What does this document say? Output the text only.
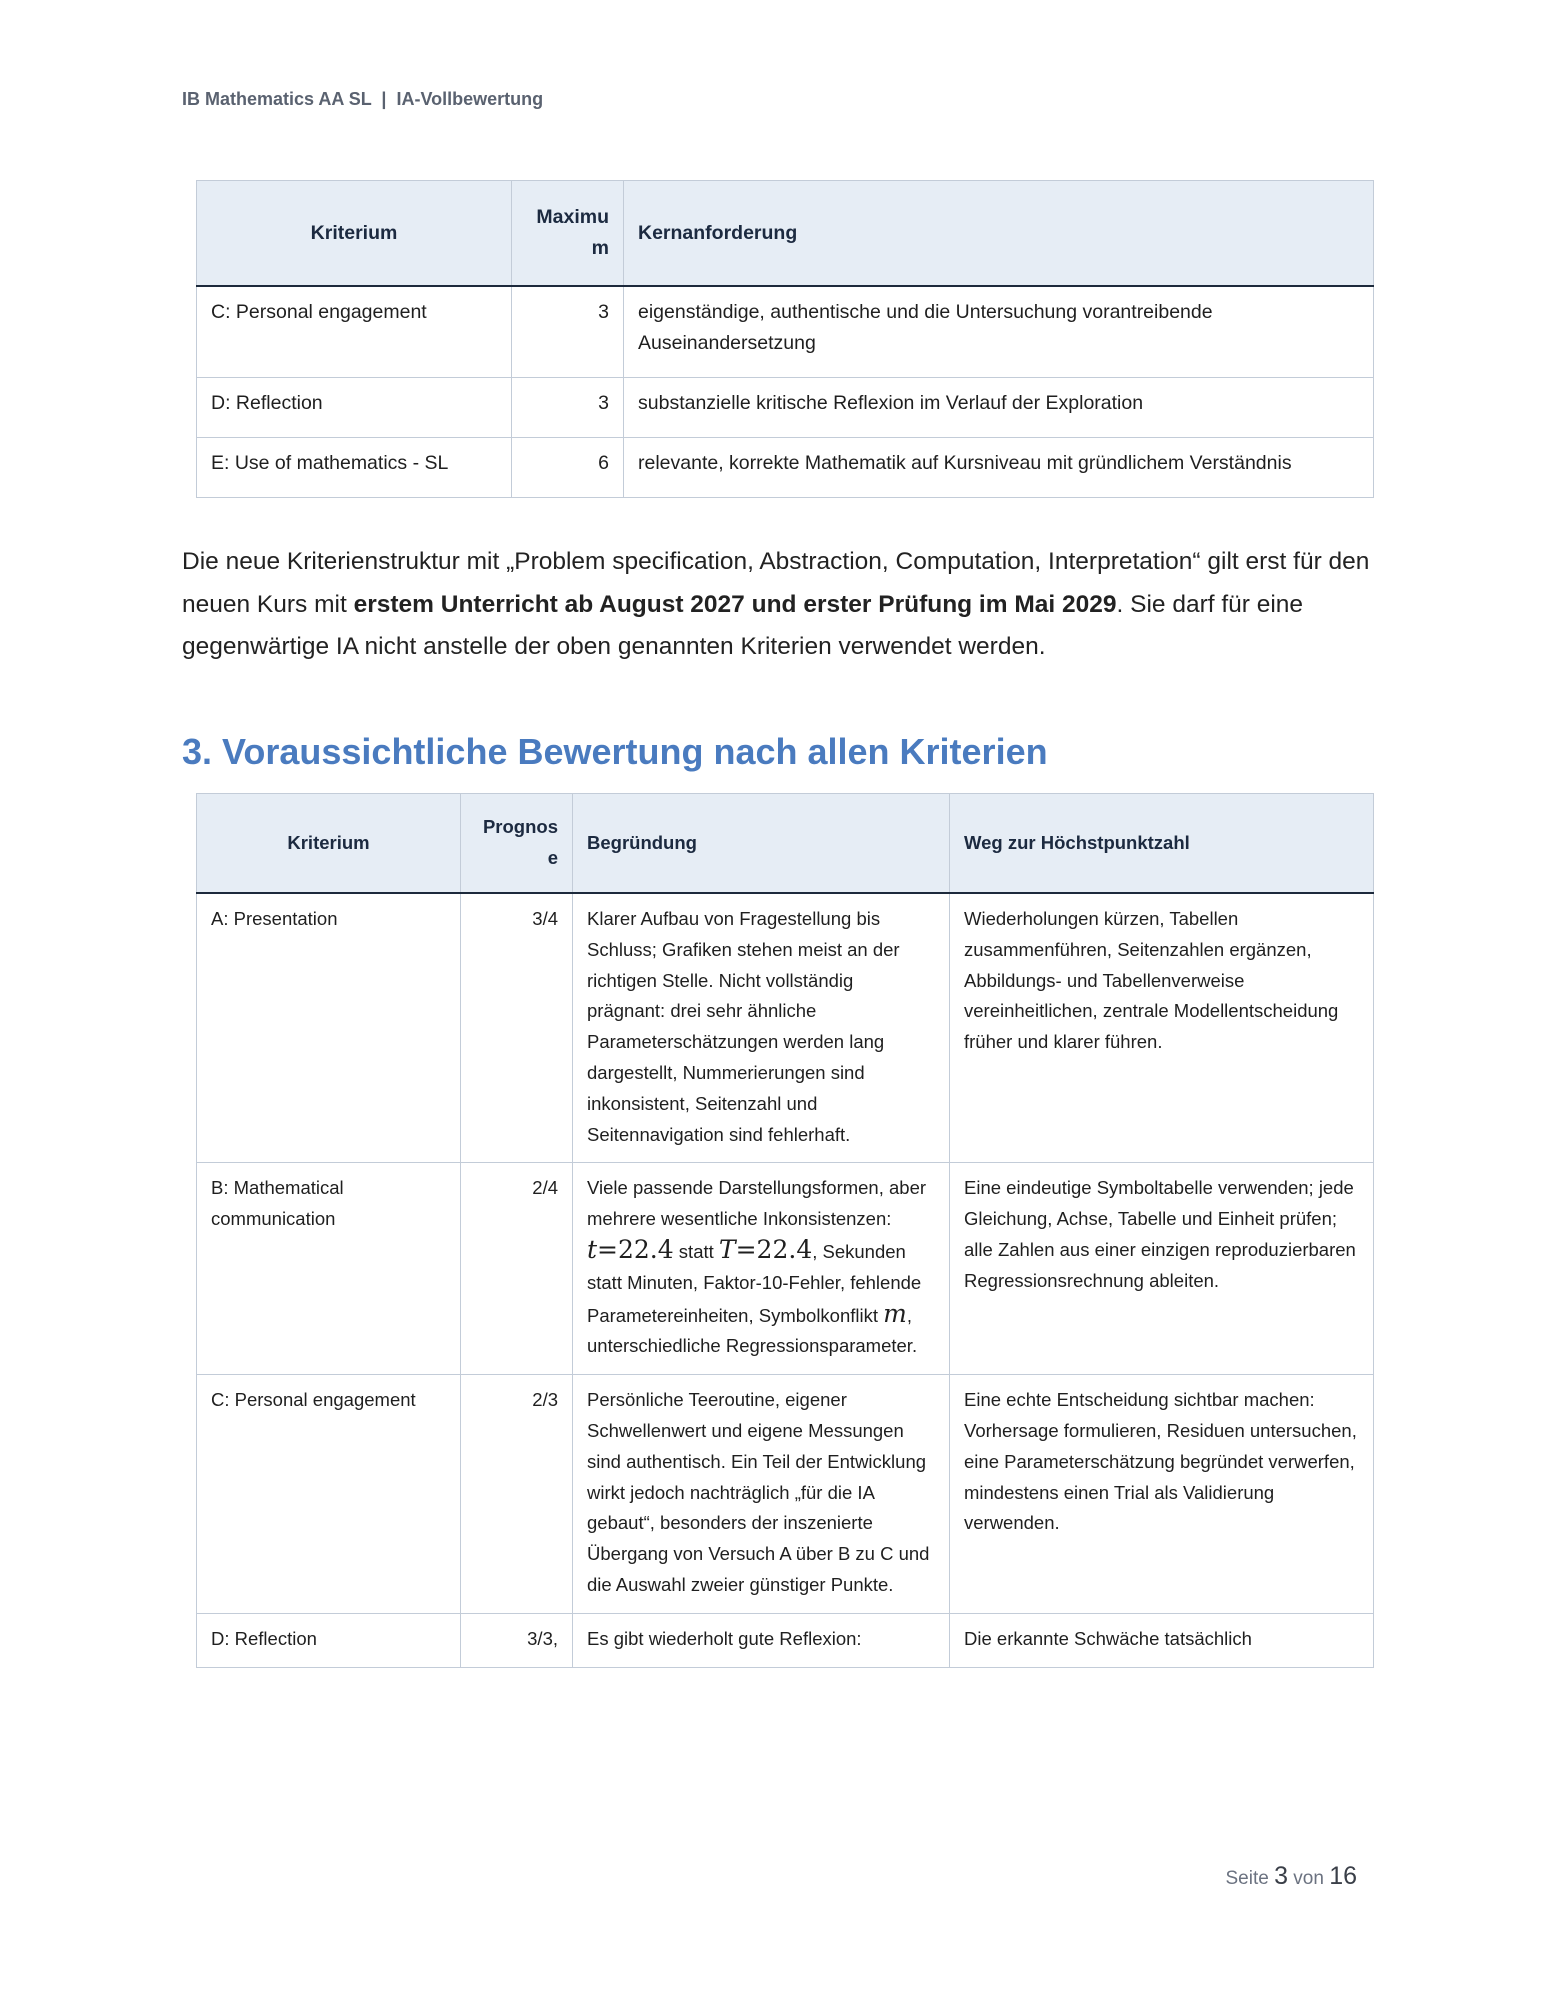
IB Mathematics AA SL | IA-Vollbewertung
Kriterium	Maximu m	Kernanforderung
C: Personal engagement	3	eigenständige, authentische und die Untersuchung vorantreibende Auseinandersetzung
D: Reflection	3	substanzielle kritische Reflexion im Verlauf der Exploration
E: Use of mathematics - SL	6	relevante, korrekte Mathematik auf Kursniveau mit gründlichem Verständnis

Die neue Kriterienstruktur mit „Problem specification, Abstraction, Computation, Interpretation“ gilt erst für den neuen Kurs mit erstem Unterricht ab August 2027 und erster Prüfung im Mai 2029. Sie darf für eine gegenwärtige IA nicht anstelle der oben genannten Kriterien verwendet werden.

3. Voraussichtliche Bewertung nach allen Kriterien
Kriterium	Prognos e	Begründung	Weg zur Höchstpunktzahl
A: Presentation	3/4	Klarer Aufbau von Fragestellung bis Schluss; Grafiken stehen meist an der richtigen Stelle. Nicht vollständig prägnant: drei sehr ähnliche Parameterschätzungen werden lang dargestellt, Nummerierungen sind inkonsistent, Seitenzahl und Seitennavigation sind fehlerhaft.	Wiederholungen kürzen, Tabellen zusammenführen, Seitenzahlen ergänzen, Abbildungs- und Tabellenverweise vereinheitlichen, zentrale Modellentscheidung früher und klarer führen.
B: Mathematical communication	2/4	Viele passende Darstellungsformen, aber mehrere wesentliche Inkonsistenzen: t=22.4 statt T=22.4, Sekunden statt Minuten, Faktor-10-Fehler, fehlende Parametereinheiten, Symbolkonflikt m, unterschiedliche Regressionsparameter.	Eine eindeutige Symboltabelle verwenden; jede Gleichung, Achse, Tabelle und Einheit prüfen; alle Zahlen aus einer einzigen reproduzierbaren Regressionsrechnung ableiten.
C: Personal engagement	2/3	Persönliche Teeroutine, eigener Schwellenwert und eigene Messungen sind authentisch. Ein Teil der Entwicklung wirkt jedoch nachträglich „für die IA gebaut“, besonders der inszenierte Übergang von Versuch A über B zu C und die Auswahl zweier günstiger Punkte.	Eine echte Entscheidung sichtbar machen: Vorhersage formulieren, Residuen untersuchen, eine Parameterschätzung begründet verwerfen, mindestens einen Trial als Validierung verwenden.
D: Reflection	3/3,	Es gibt wiederholt gute Reflexion:	Die erkannte Schwäche tatsächlich
Seite 3 von 16
